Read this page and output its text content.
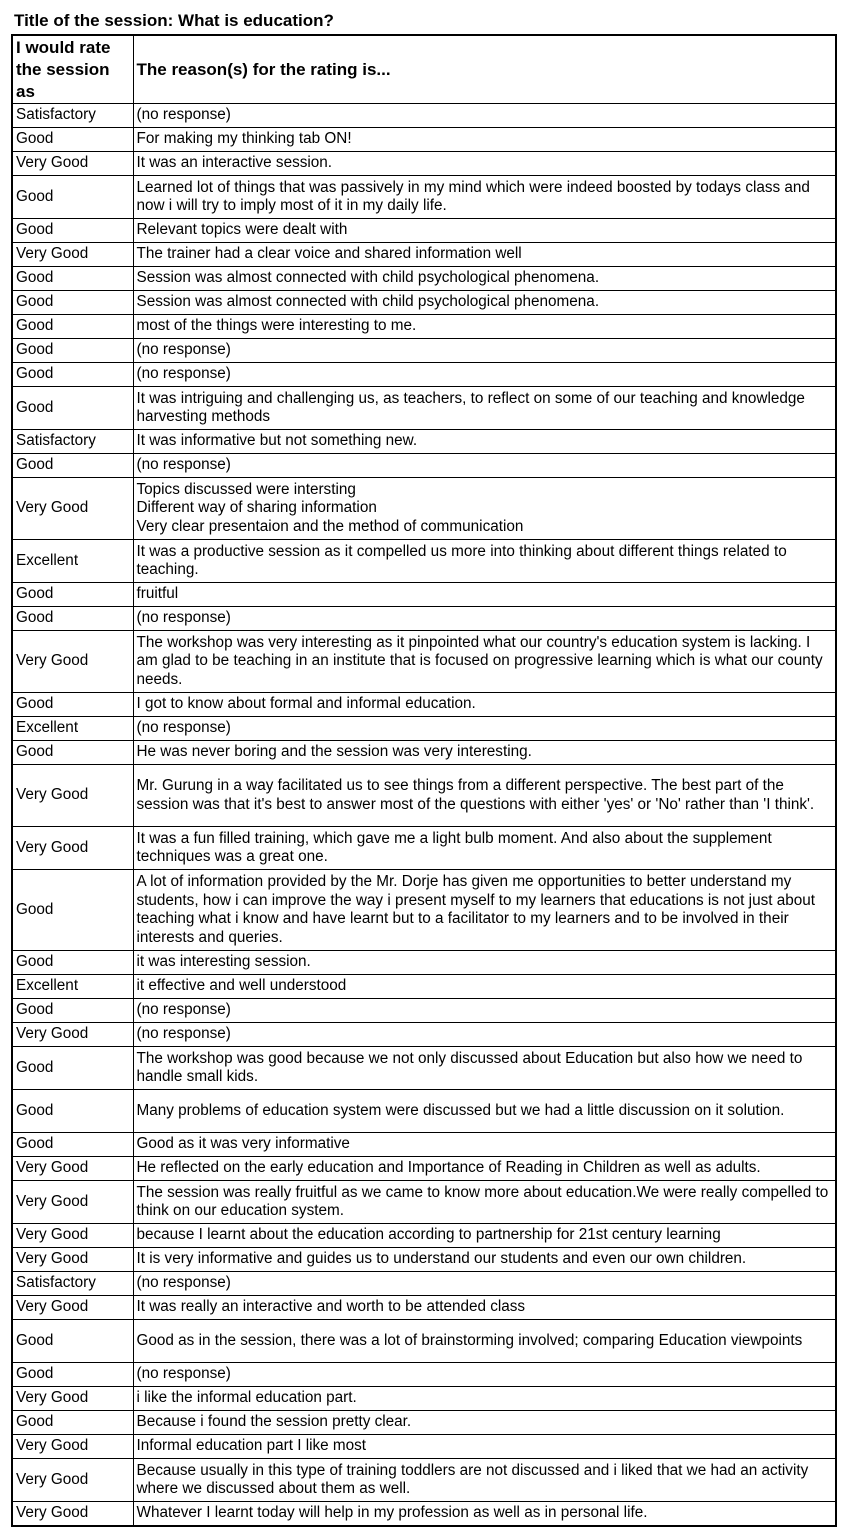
Title of the session: What is education?
I would rate the session as	The reason(s) for the rating is...
Satisfactory	(no response)
Good	For making my thinking tab ON!
Very Good	It was an interactive session.
Good	Learned lot of things that was passively in my mind which were indeed boosted by todays class and now i will try to imply most of it in my daily life.
Good	Relevant topics were dealt with
Very Good	The trainer had a clear voice and shared information well
Good	Session was almost connected with child psychological phenomena.
Good	Session was almost connected with child psychological phenomena.
Good	most of the things were interesting to me.
Good	(no response)
Good	(no response)
Good	It was intriguing and challenging us, as teachers, to reflect on some of our teaching and knowledge harvesting methods
Satisfactory	It was informative but not something new.
Good	(no response)
Very Good	Topics discussed were intersting
Different way of sharing information
Very clear presentaion and the method of communication
Excellent	It was a productive session as it compelled us more into thinking about different things related to teaching.
Good	fruitful
Good	(no response)
Very Good	The workshop was very interesting as it pinpointed what our country's education system is lacking. I am glad to be teaching in an institute that is focused on progressive learning which is what our county needs.
Good	I got to know about formal and informal education.
Excellent	(no response)
Good	He was never boring and the session was very interesting.
Very Good	Mr. Gurung in a way facilitated us to see things from a different perspective. The best part of the session was that it's best to answer most of the questions with either 'yes' or 'No' rather than 'I think'.
Very Good	It was a fun filled training, which gave me a light bulb moment. And also about the supplement techniques was a great one.
Good	A lot of information provided by the Mr. Dorje has given me opportunities to better understand my students, how i can improve the way i present myself to my learners that educations is not just about teaching what i know and have learnt but to a facilitator to my learners and to be involved in their interests and queries.
Good	it was interesting session.
Excellent	it effective and well understood
Good	(no response)
Very Good	(no response)
Good	The workshop was good because we not only discussed about Education but also how we need to handle small kids.
Good	Many problems of education system were discussed but we had a little discussion on it solution.
Good	Good as it was very informative
Very Good	He reflected on the early education and Importance of Reading in Children as well as adults.
Very Good	The session was really fruitful as we came to know more about education.We were really compelled to think on our education system.
Very Good	because I learnt about the education according to partnership for 21st century learning
Very Good	It is very informative and guides us to understand our students and even our own children.
Satisfactory	(no response)
Very Good	It was really an interactive and worth to be attended class
Good	Good as in the session, there was a lot of brainstorming involved; comparing Education viewpoints
Good	(no response)
Very Good	i like the informal education part.
Good	Because i found the session pretty clear.
Very Good	Informal education part I like most
Very Good	Because usually in this type of training toddlers are not discussed and i liked that we had an activity where we discussed about them as well.
Very Good	Whatever I learnt today will help in my profession as well as in personal life.
